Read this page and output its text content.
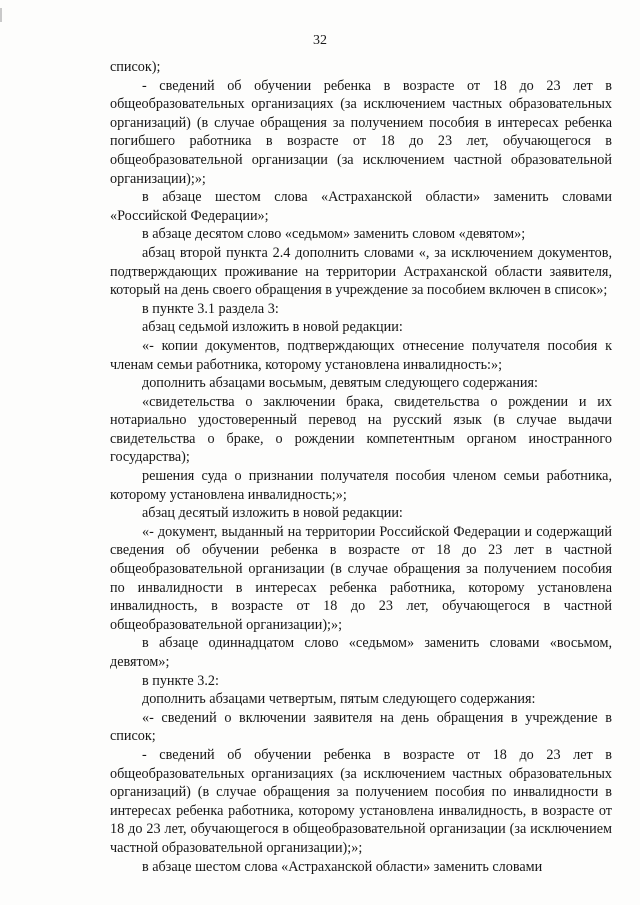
32

список);

- сведений об обучении ребенка в возрасте от 18 до 23 лет в общеобразовательных организациях (за исключением частных образовательных организаций) (в случае обращения за получением пособия в интересах ребенка погибшего работника в возрасте от 18 до 23 лет, обучающегося в общеобразовательной организации (за исключением частной образовательной организации);»;

в абзаце шестом слова «Астраханской области» заменить словами «Российской Федерации»;

в абзаце десятом слово «седьмом» заменить словом «девятом»;

абзац второй пункта 2.4 дополнить словами «, за исключением документов, подтверждающих проживание на территории Астраханской области заявителя, который на день своего обращения в учреждение за пособием включен в список»;

в пункте 3.1 раздела 3:

абзац седьмой изложить в новой редакции:

«- копии документов, подтверждающих отнесение получателя пособия к членам семьи работника, которому установлена инвалидность:»;

дополнить абзацами восьмым, девятым следующего содержания:

«свидетельства о заключении брака, свидетельства о рождении и их нотариально удостоверенный перевод на русский язык (в случае выдачи свидетельства о браке, о рождении компетентным органом иностранного государства);

решения суда о признании получателя пособия членом семьи работника, которому установлена инвалидность;»;

абзац десятый изложить в новой редакции:

«- документ, выданный на территории Российской Федерации и содержащий сведения об обучении ребенка в возрасте от 18 до 23 лет в частной общеобразовательной организации (в случае обращения за получением пособия по инвалидности в интересах ребенка работника, которому установлена инвалидность, в возрасте от 18 до 23 лет, обучающегося в частной общеобразовательной организации);»;

в абзаце одиннадцатом слово «седьмом» заменить словами «восьмом, девятом»;

в пункте 3.2:

дополнить абзацами четвертым, пятым следующего содержания:

«- сведений о включении заявителя на день обращения в учреждение в список;

- сведений об обучении ребенка в возрасте от 18 до 23 лет в общеобразовательных организациях (за исключением частных образовательных организаций) (в случае обращения за получением пособия по инвалидности в интересах ребенка работника, которому установлена инвалидность, в возрасте от 18 до 23 лет, обучающегося в общеобразовательной организации (за исключением частной образовательной организации);»;

в абзаце шестом слова «Астраханской области» заменить словами
